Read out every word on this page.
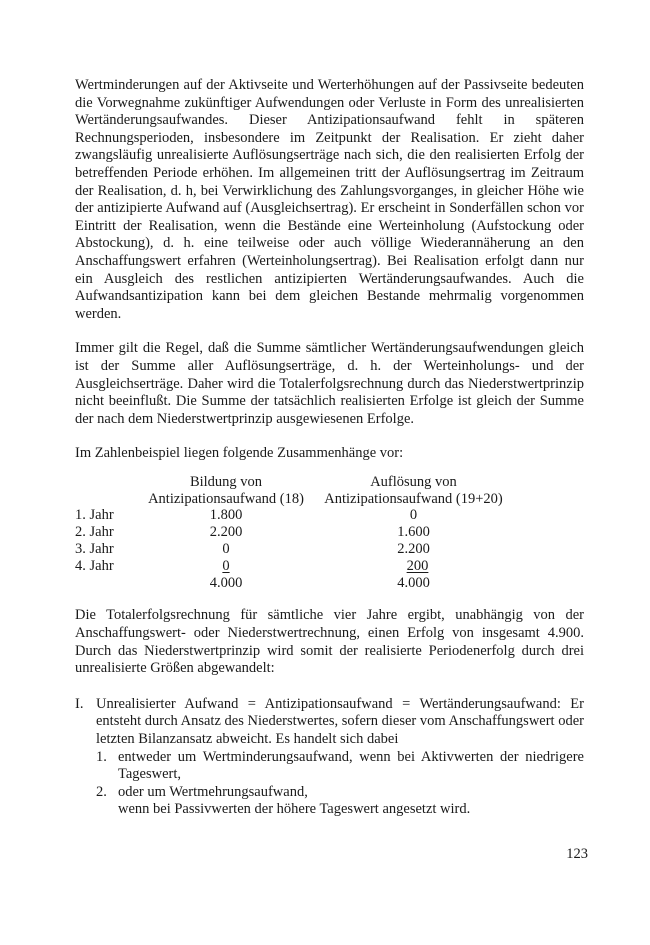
Wertminderungen auf der Aktivseite und Werterhöhungen auf der Passivseite bedeuten die Vorwegnahme zukünftiger Aufwendungen oder Verluste in Form des unrealisierten Wertänderungsaufwandes. Dieser Antizipationsaufwand fehlt in späteren Rechnungsperioden, insbesondere im Zeitpunkt der Realisation. Er zieht daher zwangsläufig unrealisierte Auflösungserträge nach sich, die den realisierten Erfolg der betreffenden Periode erhöhen. Im allgemeinen tritt der Auflösungsertrag im Zeitraum der Realisation, d. h, bei Verwirklichung des Zahlungsvorganges, in gleicher Höhe wie der antizipierte Aufwand auf (Ausgleichsertrag). Er erscheint in Sonderfällen schon vor Eintritt der Realisation, wenn die Bestände eine Werteinholung (Aufstockung oder Abstockung), d. h. eine teilweise oder auch völlige Wiederannäherung an den Anschaffungswert erfahren (Werteinholungsertrag). Bei Realisation erfolgt dann nur ein Ausgleich des restlichen antizipierten Wertänderungsaufwandes. Auch die Aufwandsantizipation kann bei dem gleichen Bestande mehrmalig vorgenommen werden.

Immer gilt die Regel, daß die Summe sämtlicher Wertänderungsaufwendungen gleich ist der Summe aller Auflösungserträge, d. h. der Werteinholungs- und der Ausgleichserträge. Daher wird die Totalerfolgsrechnung durch das Niederstwertprinzip nicht beeinflußt. Die Summe der tatsächlich realisierten Erfolge ist gleich der Summe der nach dem Niederstwertprinzip ausgewiesenen Erfolge.

Im Zahlenbeispiel liegen folgende Zusammenhänge vor:

	Bildung von	Auflösung von
	Antizipationsaufwand (18)	Antizipationsaufwand (19+20)
1. Jahr	1.800	0
2. Jahr	2.200	1.600
3. Jahr	0	2.200
4. Jahr	0	200
	4.000	4.000

Die Totalerfolgsrechnung für sämtliche vier Jahre ergibt, unabhängig von der Anschaffungswert- oder Niederstwertrechnung, einen Erfolg von insgesamt 4.900. Durch das Niederstwertprinzip wird somit der realisierte Periodenerfolg durch drei unrealisierte Größen abgewandelt:

I. Unrealisierter Aufwand = Antizipationsaufwand = Wertänderungsaufwand: Er entsteht durch Ansatz des Niederstwertes, sofern dieser vom Anschaffungswert oder letzten Bilanzansatz abweicht. Es handelt sich dabei
1. entweder um Wertminderungsaufwand, wenn bei Aktivwerten der niedrigere Tageswert,
2. oder um Wertmehrungsaufwand,
wenn bei Passivwerten der höhere Tageswert angesetzt wird.
123
